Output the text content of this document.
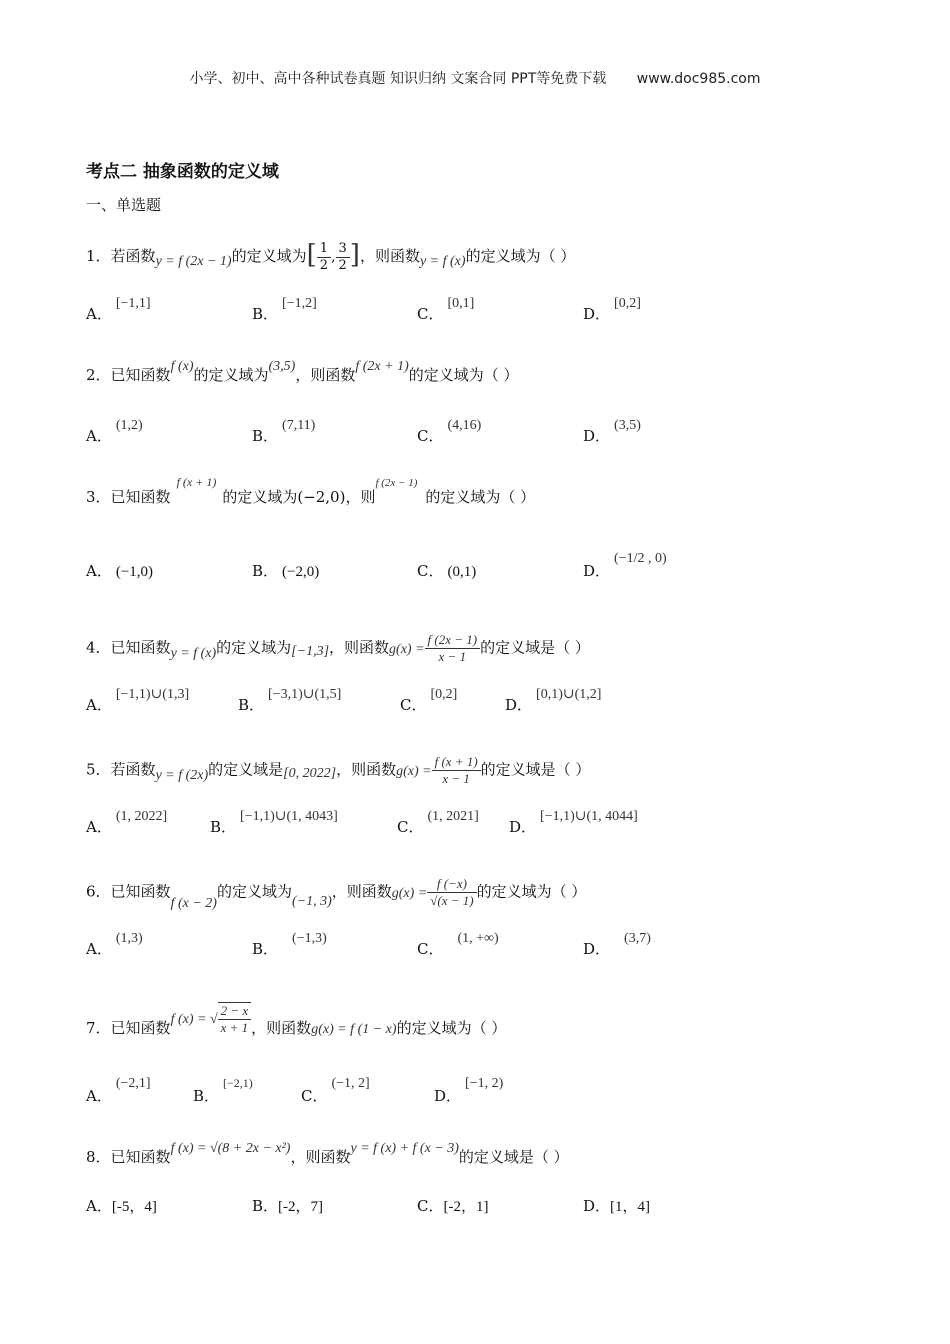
小学、初中、高中各种试卷真题 知识归纳 文案合同 PPT等免费下载 www.doc985.com
考点二 抽象函数的定义域
一、单选题
1．若函数y = f (2x − 1)的定义域为[ $\frac{1}{2}$ , $\frac{3}{2}$ ]，则函数y = f (x)的定义域为（ ）
A．[−1,1]
B．[−1,2]
C．[0,1]
D．[0,2]
2．已知函数f (x)的定义域为(3,5)，则函数f (2x + 1)的定义域为（ ）
A．(1,2)
B．(7,11)
C．(4,16)
D．(3,5)
3．已知函数$^{f (x + 1)}$的定义域为(−2,0)，则$^{f (2x - 1)}$的定义域为（ ）
A． (−1,0)	B． (−2,0)	C． (0,1)	D．(−1/2 , 0)
4．已知函数y = f (x)的定义域为[−1,3]，则函数$g(x) = \frac{f (2x - 1)}{x - 1}$ 的定义域是（ ）
A．[−1,1)∪(1,3]
B．[−3,1)∪(1,5]
C．[0,2]
D．[0,1)∪(1,2]
5．若函数y = f (2x)的定义域是[0, 2022]，则函数$g(x) = \frac{f (x + 1)}{x - 1}$ 的定义域是（ ）
A．(1, 2022]
B．[−1,1)∪(1, 4043]
C．(1, 2021]
D．[−1,1)∪(1, 4044]
6．已知函数f (x − 2)的定义域为(−1, 3)，则函数$g(x) = \frac{f (-x)}{√(x - 1)}$ 的定义域为（ ）
A．(1,3)
B．(−1,3)
C．(1, +∞)
D．(3,7)
7．已知函数f (x) = √ $\frac{2 - x}{x + 1}$ ，则函数g(x) = f (1 − x)的定义域为（ ）
A．(−2,1]
B．$^{[-2,1)}$
C．(−1, 2]
D．[−1, 2)
8．已知函数f (x) = √(8 + 2x − x²)，则函数y = f (x) + f (x − 3)的定义域是（ ）
A．[-5，4]	B．[-2，7]	C．[-2，1]	D．[1，4]
